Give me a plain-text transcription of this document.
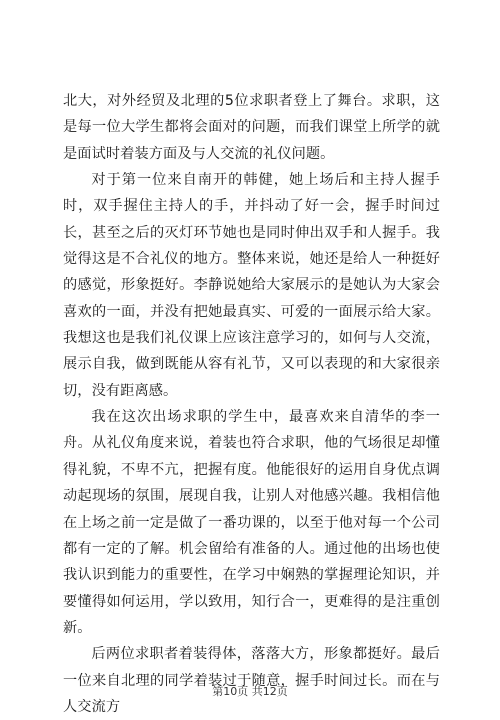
北大，对外经贸及北理的5位求职者登上了舞台。求职，这是每一位大学生都将会面对的问题，而我们课堂上所学的就是面试时着装方面及与人交流的礼仪问题。

对于第一位来自南开的韩健，她上场后和主持人握手时，双手握住主持人的手，并抖动了好一会，握手时间过长，甚至之后的灭灯环节她也是同时伸出双手和人握手。我觉得这是不合礼仪的地方。整体来说，她还是给人一种挺好的感觉，形象挺好。李静说她给大家展示的是她认为大家会喜欢的一面，并没有把她最真实、可爱的一面展示给大家。我想这也是我们礼仪课上应该注意学习的，如何与人交流，展示自我，做到既能从容有礼节，又可以表现的和大家很亲切，没有距离感。

我在这次出场求职的学生中，最喜欢来自清华的李一舟。从礼仪角度来说，着装也符合求职，他的气场很足却懂得礼貌，不卑不亢，把握有度。他能很好的运用自身优点调动起现场的氛围，展现自我，让别人对他感兴趣。我相信他在上场之前一定是做了一番功课的，以至于他对每一个公司都有一定的了解。机会留给有准备的人。通过他的出场也使我认识到能力的重要性，在学习中娴熟的掌握理论知识，并要懂得如何运用，学以致用，知行合一，更难得的是注重创新。

后两位求职者着装得体，落落大方，形象都挺好。最后一位来自北理的同学着装过于随意，握手时间过长。而在与人交流方

第10页 共12页
